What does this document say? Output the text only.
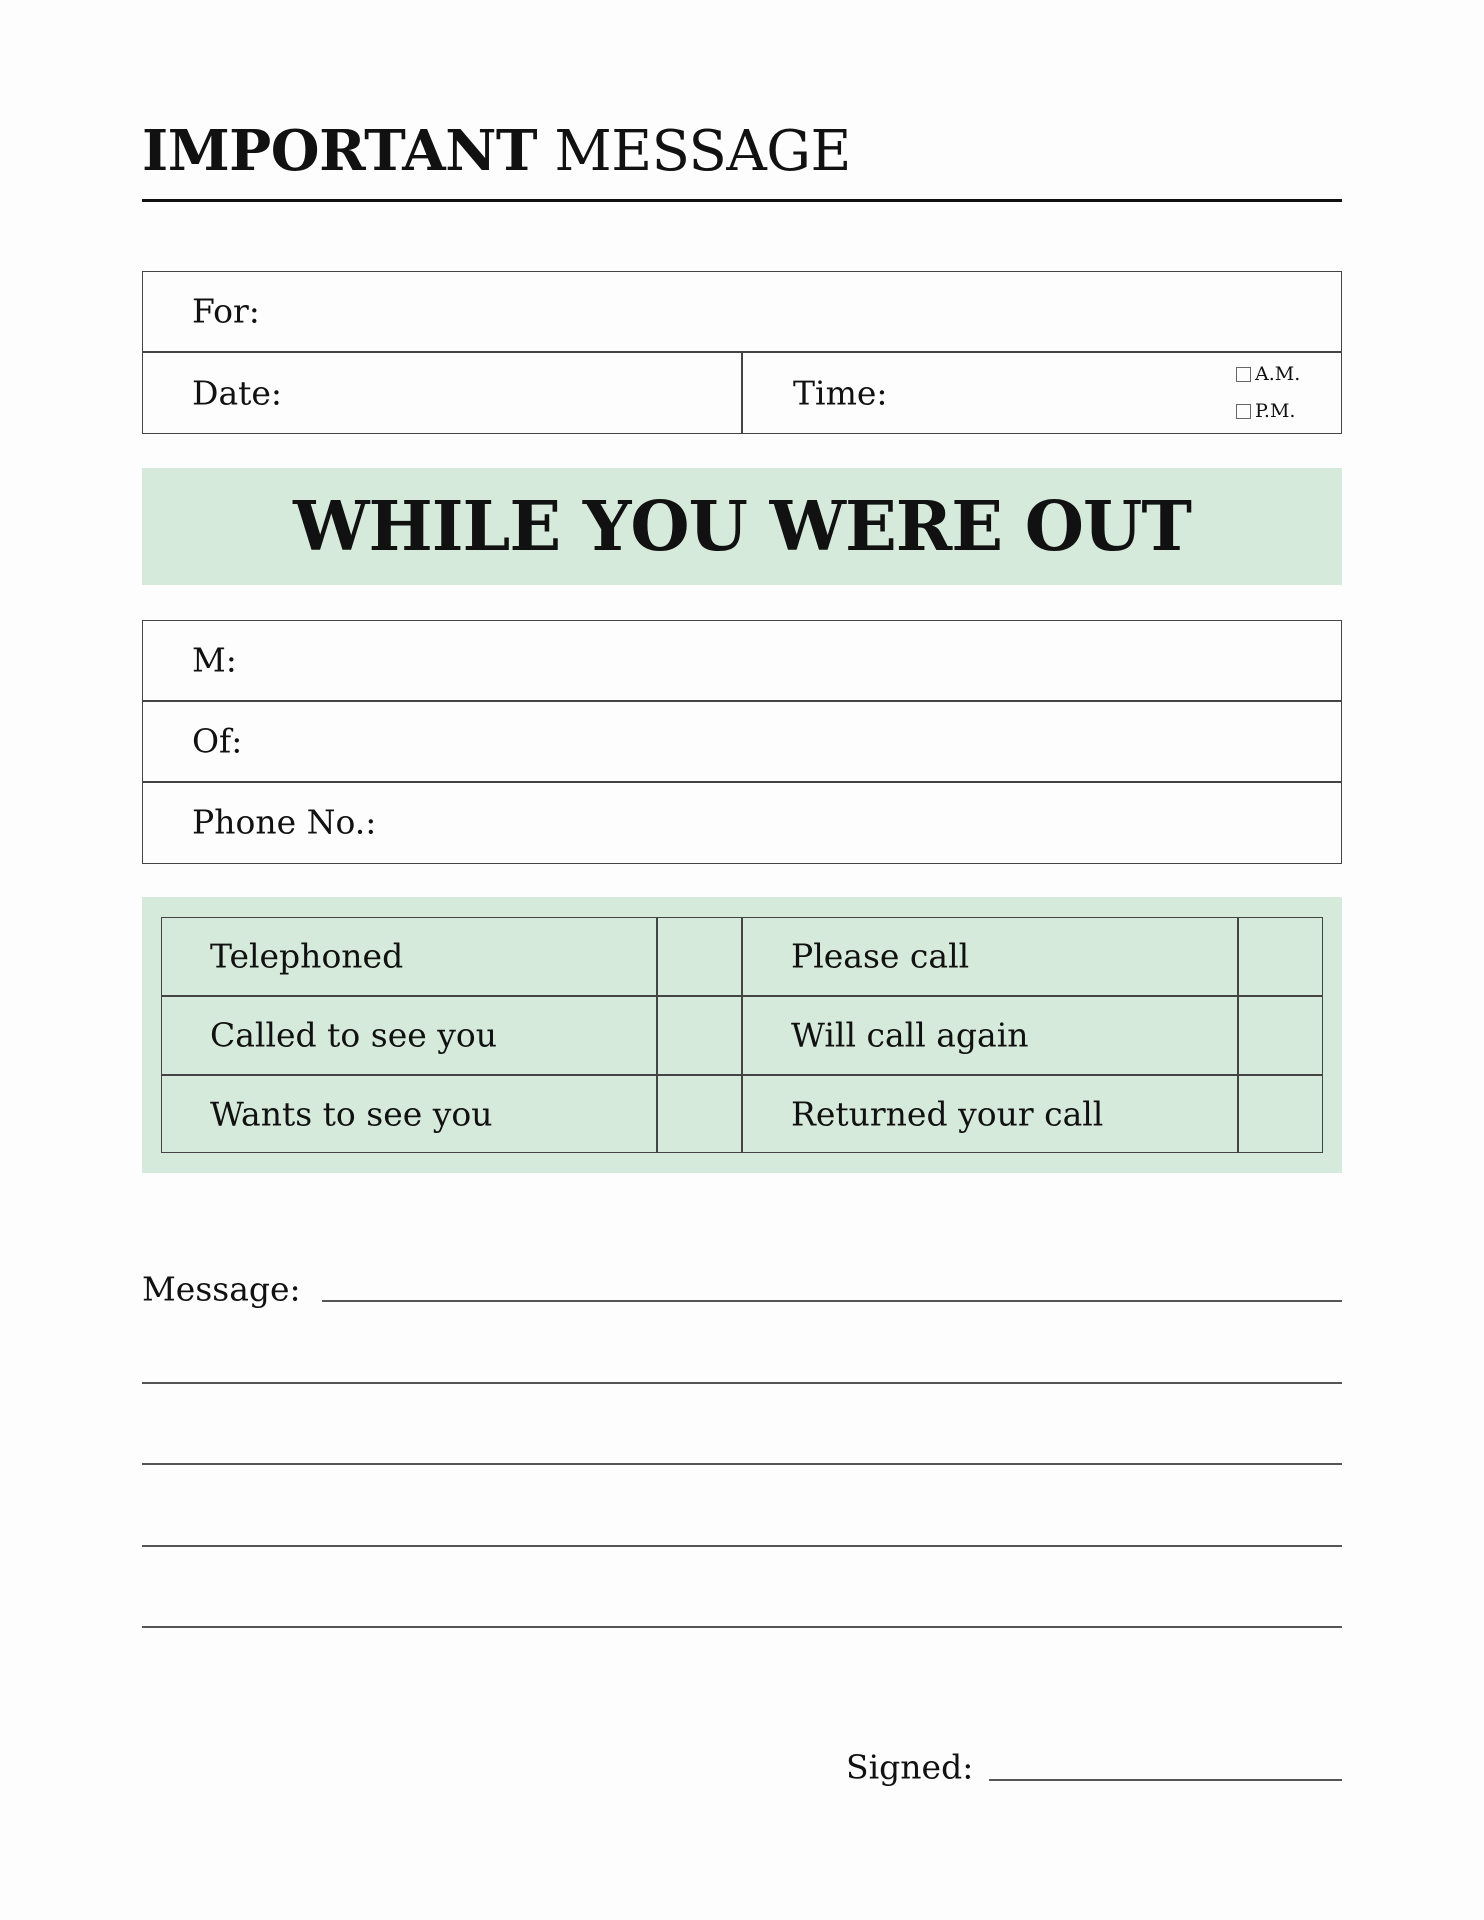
IMPORTANT MESSAGE
For:
Date:	Time:	A.M.
P.M.
WHILE YOU WERE OUT
M:
Of:
Phone No.:
Telephoned
Called to see you
Wants to see you
Please call
Will call again
Returned your call
Message:
Signed:
